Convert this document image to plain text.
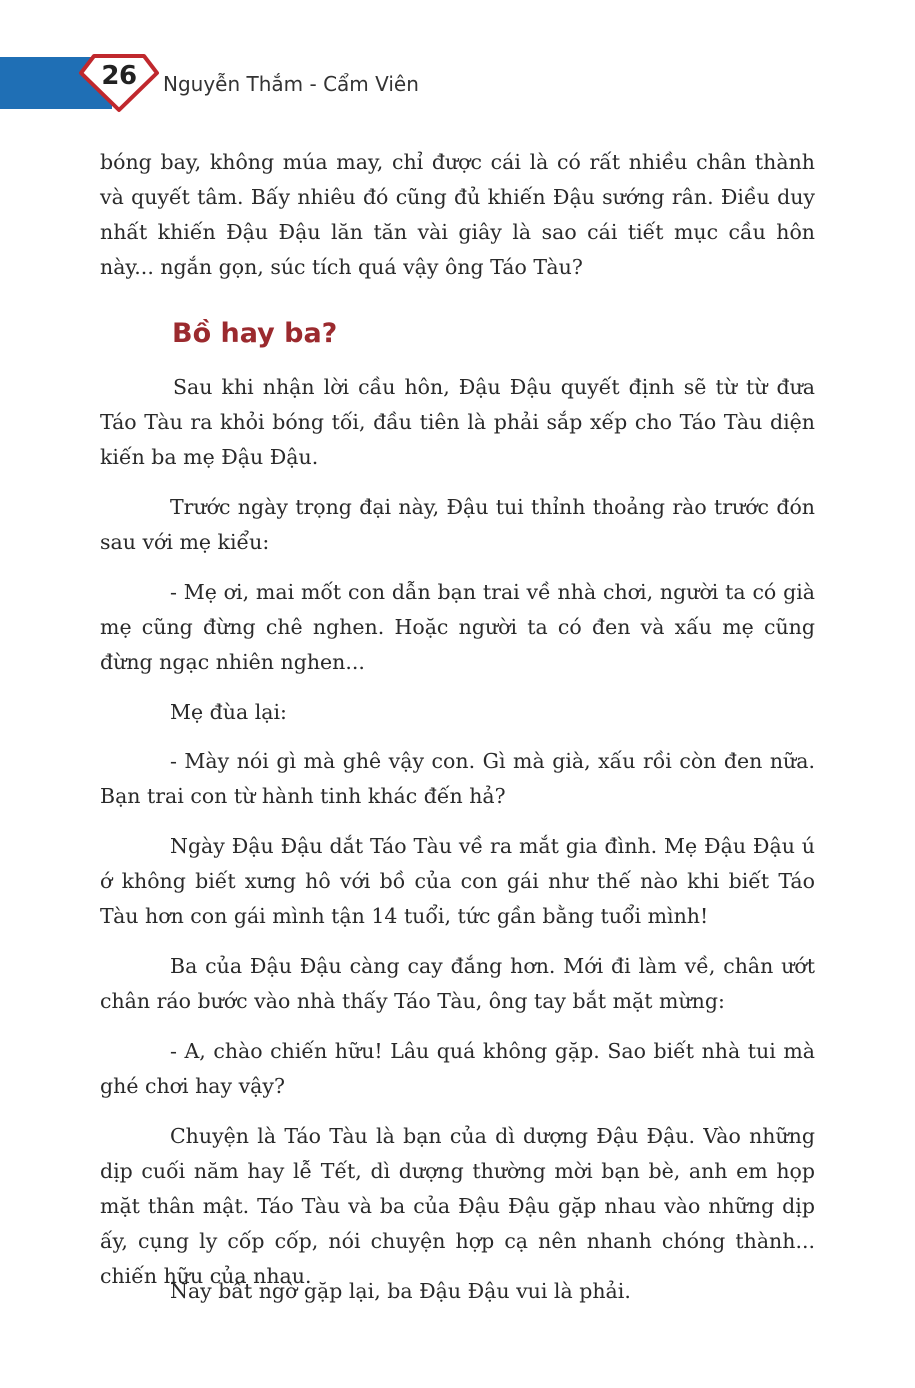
26	Nguyễn Thắm - Cẩm Viên

bóng bay, không múa may, chỉ được cái là có rất nhiều chân thành và quyết tâm. Bấy nhiêu đó cũng đủ khiến Đậu sướng rân. Điều duy nhất khiến Đậu Đậu lăn tăn vài giây là sao cái tiết mục cầu hôn này... ngắn gọn, súc tích quá vậy ông Táo Tàu?

Bồ hay ba?

Sau khi nhận lời cầu hôn, Đậu Đậu quyết định sẽ từ từ đưa Táo Tàu ra khỏi bóng tối, đầu tiên là phải sắp xếp cho Táo Tàu diện kiến ba mẹ Đậu Đậu.

Trước ngày trọng đại này, Đậu tui thỉnh thoảng rào trước đón sau với mẹ kiểu:

- Mẹ ơi, mai mốt con dẫn bạn trai về nhà chơi, người ta có già mẹ cũng đừng chê nghen. Hoặc người ta có đen và xấu mẹ cũng đừng ngạc nhiên nghen...

Mẹ đùa lại:

- Mày nói gì mà ghê vậy con. Gì mà già, xấu rồi còn đen nữa. Bạn trai con từ hành tinh khác đến hả?

Ngày Đậu Đậu dắt Táo Tàu về ra mắt gia đình. Mẹ Đậu Đậu ú ớ không biết xưng hô với bồ của con gái như thế nào khi biết Táo Tàu hơn con gái mình tận 14 tuổi, tức gần bằng tuổi mình!

Ba của Đậu Đậu càng cay đắng hơn. Mới đi làm về, chân ướt chân ráo bước vào nhà thấy Táo Tàu, ông tay bắt mặt mừng:

- A, chào chiến hữu! Lâu quá không gặp. Sao biết nhà tui mà ghé chơi hay vậy?

Chuyện là Táo Tàu là bạn của dì dượng Đậu Đậu. Vào những dịp cuối năm hay lễ Tết, dì dượng thường mời bạn bè, anh em họp mặt thân mật. Táo Tàu và ba của Đậu Đậu gặp nhau vào những dịp ấy, cụng ly cốp cốp, nói chuyện hợp cạ nên nhanh chóng thành... chiến hữu của nhau.

Nay bất ngờ gặp lại, ba Đậu Đậu vui là phải.
